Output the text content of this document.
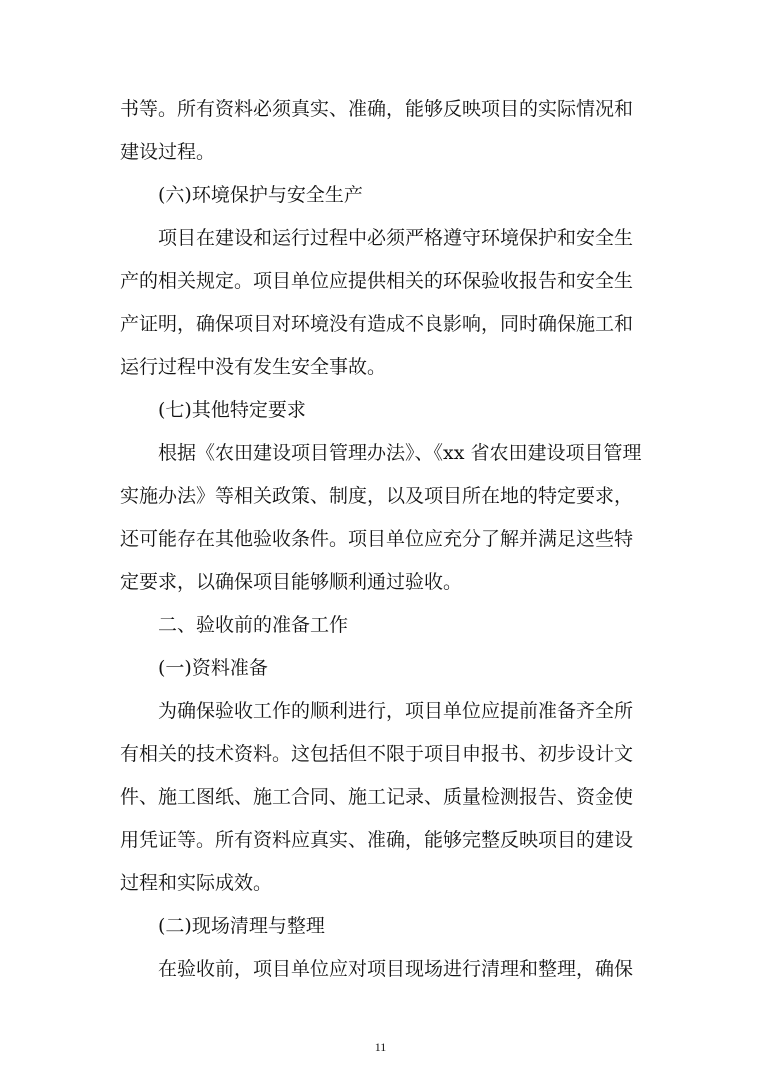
书等。所有资料必须真实、准确，能够反映项目的实际情况和
建设过程。
(六)环境保护与安全生产
项目在建设和运行过程中必须严格遵守环境保护和安全生
产的相关规定。项目单位应提供相关的环保验收报告和安全生
产证明，确保项目对环境没有造成不良影响，同时确保施工和
运行过程中没有发生安全事故。
(七)其他特定要求
根据《农田建设项目管理办法》、《xx 省农田建设项目管理
实施办法》等相关政策、制度，以及项目所在地的特定要求，
还可能存在其他验收条件。项目单位应充分了解并满足这些特
定要求，以确保项目能够顺利通过验收。
二、验收前的准备工作
(一)资料准备
为确保验收工作的顺利进行，项目单位应提前准备齐全所
有相关的技术资料。这包括但不限于项目申报书、初步设计文
件、施工图纸、施工合同、施工记录、质量检测报告、资金使
用凭证等。所有资料应真实、准确，能够完整反映项目的建设
过程和实际成效。
(二)现场清理与整理
在验收前，项目单位应对项目现场进行清理和整理，确保
11
